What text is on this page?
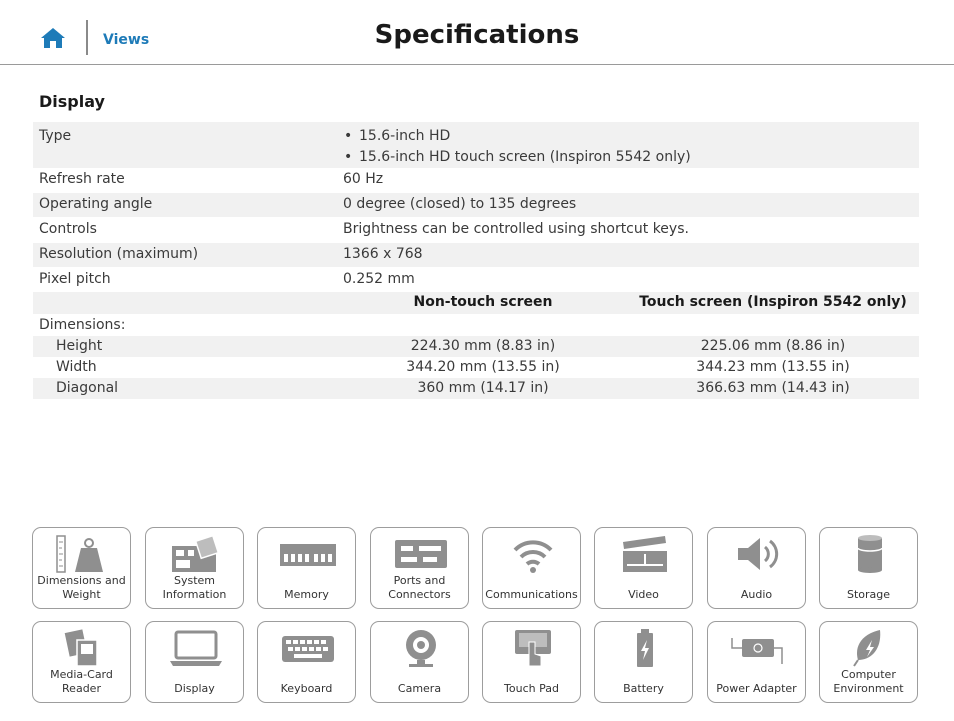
Views	Specifications
Display
Type
•	15.6-inch HD
• 15.6-inch HD touch screen (Inspiron 5542 only)
Refresh rate	60 Hz
Operating angle	0 degree (closed) to 135 degrees
Controls	Brightness can be controlled using shortcut keys.
Resolution (maximum)	1366 x 768
Pixel pitch	0.252 mm
Non-touch screen	Touch screen (Inspiron 5542 only)
Dimensions:
Height	224.30 mm (8.83 in)	225.06 mm (8.86 in)
Width	344.20 mm (13.55 in)	344.23 mm (13.55 in)
Diagonal	360 mm (14.17 in)	366.63 mm (14.43 in)
Dimensions and Weight
System Information	Memory
Ports and Connectors	Communications	Video	Audio	Storage
Media-Card Reader	Display	Keyboard	Camera	Touch Pad	Battery	Power Adapter
Computer Environment
